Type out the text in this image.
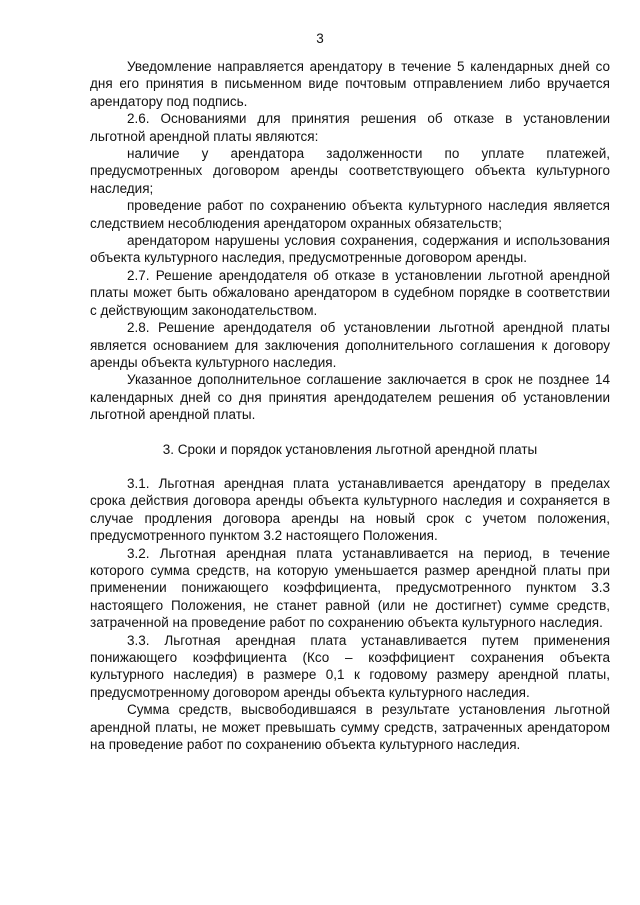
3

Уведомление направляется арендатору в течение 5 календарных дней со дня его принятия в письменном виде почтовым отправлением либо вручается арендатору под подпись.

2.6. Основаниями для принятия решения об отказе в установлении льготной арендной платы являются:

наличие у арендатора задолженности по уплате платежей, предусмотренных договором аренды соответствующего объекта культурного наследия;

проведение работ по сохранению объекта культурного наследия является следствием несоблюдения арендатором охранных обязательств;

арендатором нарушены условия сохранения, содержания и использования объекта культурного наследия, предусмотренные договором аренды.

2.7. Решение арендодателя об отказе в установлении льготной арендной платы может быть обжаловано арендатором в судебном порядке в соответствии с действующим законодательством.

2.8. Решение арендодателя об установлении льготной арендной платы является основанием для заключения дополнительного соглашения к договору аренды объекта культурного наследия.

Указанное дополнительное соглашение заключается в срок не позднее 14 календарных дней со дня принятия арендодателем решения об установлении льготной арендной платы.

3. Сроки и порядок установления льготной арендной платы

3.1. Льготная арендная плата устанавливается арендатору в пределах срока действия договора аренды объекта культурного наследия и сохраняется в случае продления договора аренды на новый срок с учетом положения, предусмотренного пунктом 3.2 настоящего Положения.

3.2. Льготная арендная плата устанавливается на период, в течение которого сумма средств, на которую уменьшается размер арендной платы при применении понижающего коэффициента, предусмотренного пунктом 3.3 настоящего Положения, не станет равной (или не достигнет) сумме средств, затраченной на проведение работ по сохранению объекта культурного наследия.

3.3. Льготная арендная плата устанавливается путем применения понижающего коэффициента (Ксо – коэффициент сохранения объекта культурного наследия) в размере 0,1 к годовому размеру арендной платы, предусмотренному договором аренды объекта культурного наследия.

Сумма средств, высвободившаяся в результате установления льготной арендной платы, не может превышать сумму средств, затраченных арендатором на проведение работ по сохранению объекта культурного наследия.
